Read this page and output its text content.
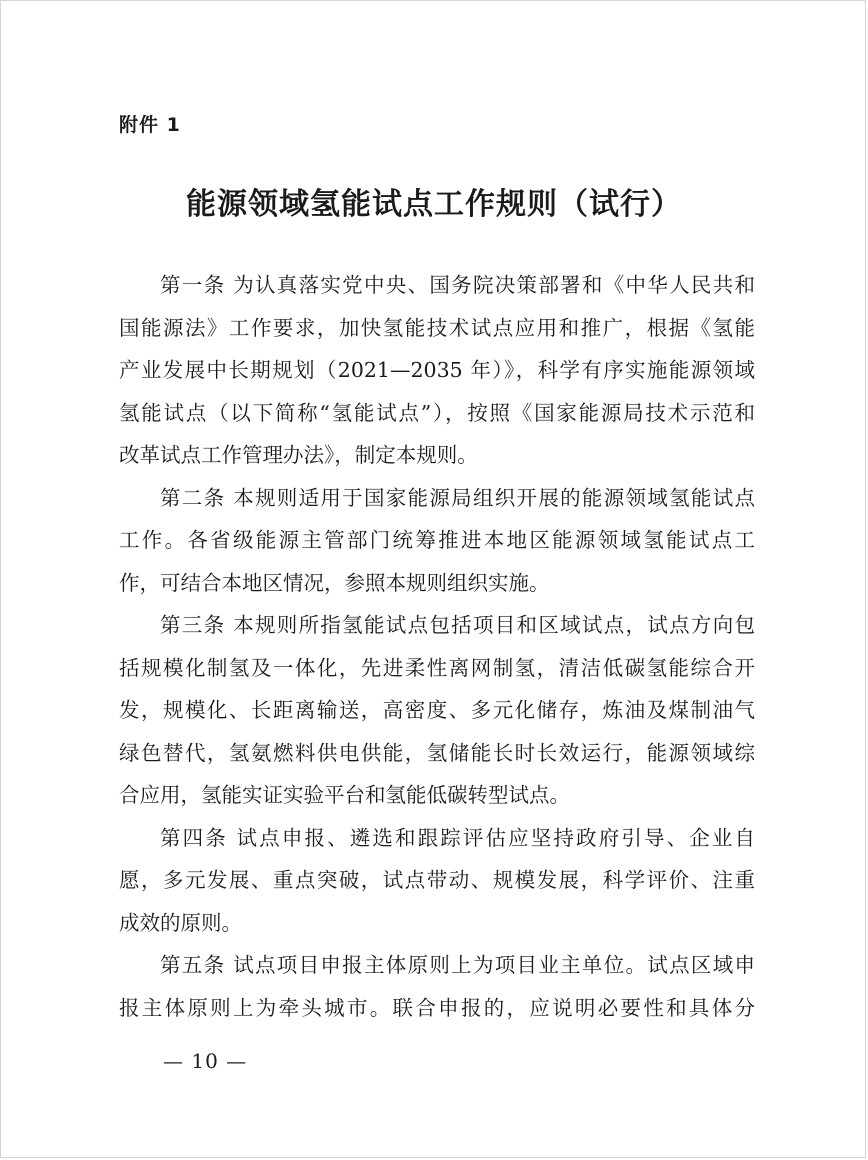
附件 1
能源领域氢能试点工作规则（试行）
第一条 为认真落实党中央、国务院决策部署和《中华人民共和
国能源法》工作要求，加快氢能技术试点应用和推广，根据《氢能
产业发展中长期规划（2021—2035 年）》，科学有序实施能源领域
氢能试点（以下简称“氢能试点”），按照《国家能源局技术示范和
改革试点工作管理办法》，制定本规则。
第二条 本规则适用于国家能源局组织开展的能源领域氢能试点
工作。各省级能源主管部门统筹推进本地区能源领域氢能试点工
作，可结合本地区情况，参照本规则组织实施。
第三条 本规则所指氢能试点包括项目和区域试点，试点方向包
括规模化制氢及一体化，先进柔性离网制氢，清洁低碳氢能综合开
发，规模化、长距离输送，高密度、多元化储存，炼油及煤制油气
绿色替代，氢氨燃料供电供能，氢储能长时长效运行，能源领域综
合应用，氢能实证实验平台和氢能低碳转型试点。
第四条 试点申报、遴选和跟踪评估应坚持政府引导、企业自
愿，多元发展、重点突破，试点带动、规模发展，科学评价、注重
成效的原则。
第五条 试点项目申报主体原则上为项目业主单位。试点区域申
报主体原则上为牵头城市。联合申报的，应说明必要性和具体分
— 10 —
